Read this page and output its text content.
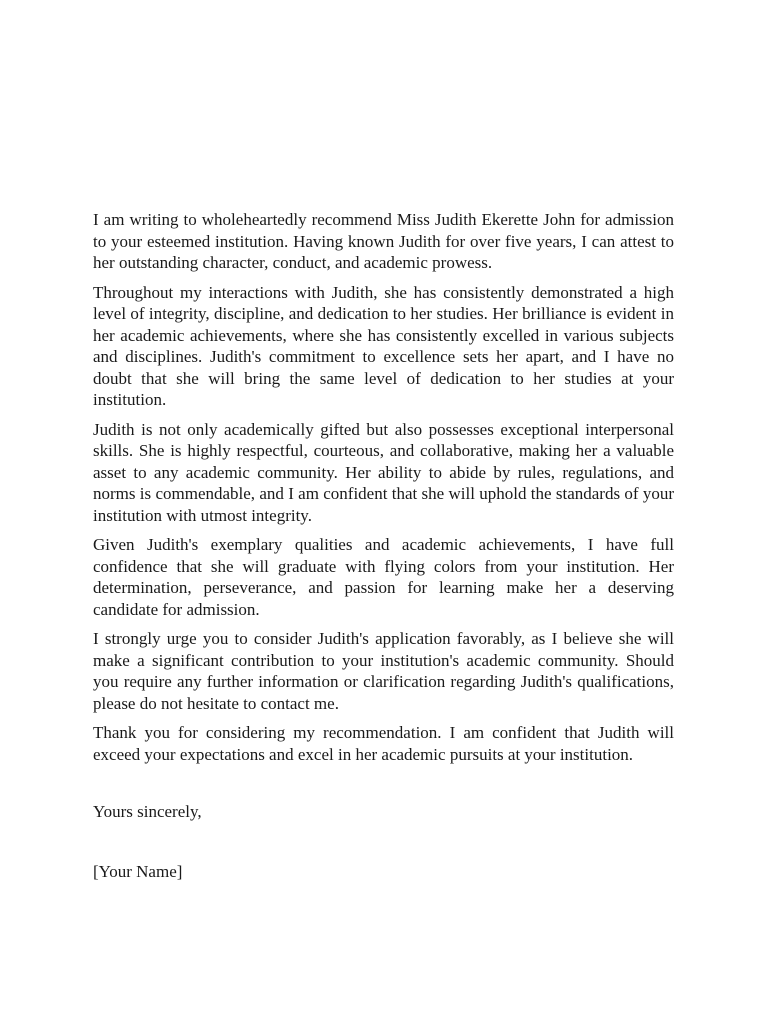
I am writing to wholeheartedly recommend Miss Judith Ekerette John for admission to your esteemed institution. Having known Judith for over five years, I can attest to her outstanding character, conduct, and academic prowess.

Throughout my interactions with Judith, she has consistently demonstrated a high level of integrity, discipline, and dedication to her studies. Her brilliance is evident in her academic achievements, where she has consistently excelled in various subjects and disciplines. Judith's commitment to excellence sets her apart, and I have no doubt that she will bring the same level of dedication to her studies at your institution.

Judith is not only academically gifted but also possesses exceptional interpersonal skills. She is highly respectful, courteous, and collaborative, making her a valuable asset to any academic community. Her ability to abide by rules, regulations, and norms is commendable, and I am confident that she will uphold the standards of your institution with utmost integrity.

Given Judith's exemplary qualities and academic achievements, I have full confidence that she will graduate with flying colors from your institution. Her determination, perseverance, and passion for learning make her a deserving candidate for admission.

I strongly urge you to consider Judith's application favorably, as I believe she will make a significant contribution to your institution's academic community. Should you require any further information or clarification regarding Judith's qualifications, please do not hesitate to contact me.

Thank you for considering my recommendation. I am confident that Judith will exceed your expectations and excel in her academic pursuits at your institution.

Yours sincerely,

[Your Name]
